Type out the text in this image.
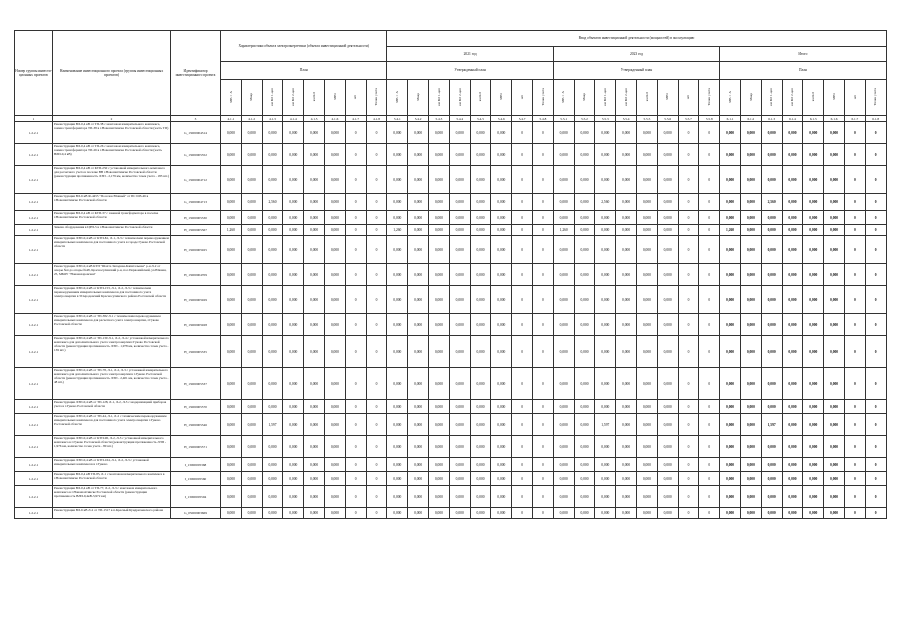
Номер группы инвести-ционных проектов	Наименование инвестиционного проекта (группы инвестиционных проектов)	Идентификатор инвестиционного проекта	Характеристики объекта электроэнергетики (объекта инвестиционной деятельности)								Ввод объектов инвестиционной деятельности (мощностей) в эксплуатацию																							
											2021 год								2023 год								Итого							
			План								Утвержденный план								Утвержденный план								План							
			МВ×А	Мвар	км ВЛ 1-цеп	км ВЛ 2-цеп	км КЛ	МВт	шт	Точки учета	МВ×А	Мвар	км ВЛ 1-цеп	км ВЛ 2-цеп	км КЛ	МВт	шт	Точки учета	МВ×А	Мвар	км ВЛ 1-цеп	км ВЛ 2-цеп	км КЛ	МВт	шт	Точки учета	МВ×А	Мвар	км ВЛ 1-цеп	км ВЛ 2-цеп	км КЛ	МВт	шт	Точки учета
1	2	3	4.1.1	4.1.2	4.1.3	4.1.4	4.1.5	4.1.6	4.1.7	4.1.8	5.4.1	5.4.2	5.4.3	5.4.4	5.4.5	5.4.6	5.4.7	5.4.8	5.5.1	5.5.2	5.5.3	5.5.4	5.5.5	5.5.6	5.5.7	5.5.8	6.1.1	6.1.2	6.1.3	6.1.4	6.1.5	6.1.6	6.1.7	6.1.8
1.2.2.1	Реконструкция ВЛ-0,4 кВ от ТП-38 с монтажом измерительного комплекса, замена трансформатора ТП-38 в г.Новошахтинске Ростовской области (часть ТП)	G_13000004314	0,000	0,000	0,000	0,000	0,000	0,000	0	0	0,000	0,000	0,000	0,000	0,000	0,000	0	0	0,000	0,000	0,000	0,000	0,000	0,000	0	0	0,000	0,000	0,000	0,000	0,000	0,000	0	0
1.2.2.1	Реконструкция ВЛ-0,4 кВ от ТП-26 с монтажом измерительного комплекса, замена трансформатора ТП-26 в г.Новошахтинске Ростовской области (часть ВЛИ-0,4 кВ)	G_13000005352	0,000	0,000	0,000	0,000	0,000	0,000	0	0	0,000	0,000	0,000	0,000	0,000	0,000	0	0	0,000	0,000	0,000	0,000	0,000	0,000	0	0	0,000	0,000	0,000	0,000	0,000	0,000	0	0
1.2.2.1	Реконструкция ВЛ-0,4 кВ от КТП-250 с установкой измерительного комплекса для расчетного учета в поселке ВВ г.Новошахтинске Ростовской области (реконструкция протяженность ЛЭП - 2,179 км, количество точек учета - 183 шт.)	G_13000004712	0,000	0,000	0,000	0,000	0,000	0,000	0	0	0,000	0,000	0,000	0,000	0,000	0,000	0	0	0,000	0,000	0,000	0,000	0,000	0,000	0	0	0,000	0,000	0,000	0,000	0,000	0,000	0	0
1.2.2.1	Реконструкция ВЛ-6 кВ Ф-4455 "Поселок Южный" от ПС ШЗ-46 в г.Новошахтинске Ростовской области	G_13000004713	0,000	0,000	2,560	0,000	0,000	0,000	0	0	0,000	0,000	0,000	0,000	0,000	0,000	0	0	0,000	0,000	2,560	0,000	0,000	0,000	0	0	0,000	0,000	2,560	0,000	0,000	0,000	0	0
1.2.2.1	Реконструкция ВЛ-0,4 кВ от КТП-37 с заменой трансформатора в поселке г.Новошахтинске Ростовской области	H_13000005330	0,000	0,000	0,000	0,000	0,000	0,000	0	0	0,000	0,000	0,000	0,000	0,000	0,000	0	0	0,000	0,000	0,000	0,000	0,000	0,000	0	0	0,000	0,000	0,000	0,000	0,000	0,000	0	0
1.2.2.1	Замена оборудования в ЦРП-5 в г.Новошахтинске Ростовской области	H_13000005367	1,260	0,000	0,000	0,000	0,000	0,000	0	0	1,260	0,000	0,000	0,000	0,000	0,000	0	0	1,260	0,000	0,000	0,000	0,000	0,000	0	0	1,260	0,000	0,000	0,000	0,000	0,000	0	0
1.2.2.1	Реконструкция ЛЭП-0,4 кВ от КТП-Б1, Л-1, Л-3 с техническим перевооружением измерительных комплексов для постоянного учета в городе Гуково Ростовской области	H_13000005925	0,000	0,000	0,000	0,000	0,000	0,000	0	0	0,000	0,000	0,000	0,000	0,000	0,000	0	0	0,000	0,000	0,000	0,000	0,000	0,000	0	0	0,000	0,000	0,000	0,000	0,000	0,000	0	0
1.2.2.1	Реконструкция ЛЭП-0,4 кВ КТП "Шахта Западная-Капитальная" р-н Л-2 от опоры №4 до опоры №48, Красносулинский р-н, пос.Первомайский, ул.Южная, 25, МБОУ "Новоназаровская"	H_13000004709	0,000	0,000	0,000	0,000	0,000	0,000	0	0	0,000	0,000	0,000	0,000	0,000	0,000	0	0	0,000	0,000	0,000	0,000	0,000	0,000	0	0	0,000	0,000	0,000	0,000	0,000	0,000	0	0
1.2.2.1	Реконструкция ЛЭП-0,4 кВ от КТП-153, Л-1, Л-2, Л-3 с техническим перевооружением измерительных комплексов для постоянного учета электроэнергии в Углеродовский Красносулинского района Ростовской области	H_13000005929	0,000	0,000	0,000	0,000	0,000	0,000	0	0	0,000	0,000	0,000	0,000	0,000	0,000	0	0	0,000	0,000	0,000	0,000	0,000	0,000	0	0	0,000	0,000	0,000	0,000	0,000	0,000	0	0
1.2.2.1	Реконструкция ЛЭП-0,4 кВ от ТП-382 Л-1 с техническим перевооружением измерительных комплексов для расчетного учета электроэнергии, г.Гуково Ростовской области	H_13000005928	0,000	0,000	0,000	0,000	0,000	0,000	0	0	0,000	0,000	0,000	0,000	0,000	0,000	0	0	0,000	0,000	0,000	0,000	0,000	0,000	0	0	0,000	0,000	0,000	0,000	0,000	0,000	0	0
1.2.2.1	Реконструкция ЛЭП-0,4 кВ от ТП-130 Л-1, Л-2, Л-4 с установкой измерительного комплекса для дополнительного учета электроэнергии г.Гуково Ростовской области (реконструкция протяженность ЛЭП - 1,978 км, количество точек учета - 139 шт.)	H_13000005335	0,000	0,000	0,000	0,000	0,000	0,000	0	0	0,000	0,000	0,000	0,000	0,000	0,000	0	0	0,000	0,000	0,000	0,000	0,000	0,000	0	0	0,000	0,000	0,000	0,000	0,000	0,000	0	0
1.2.2.1	Реконструкция ЛЭП-0,4 кВ от ТП-78, Л-1, Л-2, Л-3 с установкой измерительного комплекса для дополнительного учета электроэнергии в г.Гуково Ростовской области (реконструкция протяженность ЛЭП - 2,401 км, количество точек учета - 48 шт.)	H_13000005337	0,000	0,000	0,000	0,000	0,000	0,000	0	0	0,000	0,000	0,000	0,000	0,000	0,000	0	0	0,000	0,000	0,000	0,000	0,000	0,000	0	0	0,000	0,000	0,000	0,000	0,000	0,000	0	0
1.2.2.1	Реконструкция ЛЭП-0,4 кВ от ТП-128, Л-1, Л-2, Л-3 с модернизацией приборов учета в г.Гуково Ростовской области	H_13000005570	0,000	0,000	0,000	0,000	0,000	0,000	0	0	0,000	0,000	0,000	0,000	0,000	0,000	0	0	0,000	0,000	0,000	0,000	0,000	0,000	0	0	0,000	0,000	0,000	0,000	0,000	0,000	0	0
1.2.2.1	Реконструкция ЛЭП-0,4 кВ от ТП-44, Л-1, Л-2 с техническим перевооружением измерительных комплексов для постоянного учета электроэнергии г.Гуково Ростовской области	H_13000005346	0,000	0,000	1,597	0,000	0,000	0,000	0	0	0,000	0,000	0,000	0,000	0,000	0,000	0	0	0,000	0,000	1,597	0,000	0,000	0,000	0	0	0,000	0,000	1,597	0,000	0,000	0,000	0	0
1.2.2.1	Реконструкция ЛЭП-0,4 кВ от КТП-90, Л-2, Л-3 с установкой измерительного комплекса в г.Гуково Ростовской области (реконструкция протяженность ЛЭП - 1,976 км, количество точек учета - 80 шт.)	H_13000005571	0,000	0,000	0,000	0,000	0,000	0,000	0	0	0,000	0,000	0,000	0,000	0,000	0,000	0	0	0,000	0,000	0,000	0,000	0,000	0,000	0	0	0,000	0,000	0,000	0,000	0,000	0,000	0	0
1.2.2.1	Реконструкция ЛЭП-0,4 кВ от КТП-164, Л-1, Л-2, Л-3 с установкой измерительных комплексов в г.Гуково	I_13000005368	0,000	0,000	0,000	0,000	0,000	0,000	0	0	0,000	0,000	0,000	0,000	0,000	0,000	0	0	0,000	0,000	0,000	0,000	0,000	0,000	0	0	0,000	0,000	0,000	0,000	0,000	0,000	0	0
1.2.2.1	Реконструкция ВЛ-0,4 кВ ТП-85, Л-1 с монтажом измерительного комплекса в г.Новошахтинске Ростовской области	I_13000005560	0,000	0,000	0,000	0,000	0,000	0,000	0	0	0,000	0,000	0,000	0,000	0,000	0,000	0	0	0,000	0,000	0,000	0,000	0,000	0,000	0	0	0,000	0,000	0,000	0,000	0,000	0,000	0	0
1.2.2.1	Реконструкция ВЛ-0,4 кВ от ТП-77, Л-2, Л-3 с монтажом измерительного комплекса в г.Новошахтинске Ростовской области (реконструкция протяженность ВЛИ-0,4кВ-3,972 км)	I_13000005594	0,000	0,000	0,000	0,000	0,000	0,000	0	0	0,000	0,000	0,000	0,000	0,000	0,000	0	0	0,000	0,000	0,000	0,000	0,000	0,000	0	0	0,000	0,000	0,000	0,000	0,000	0,000	0	0
1.2.2.1	Реконструкция ВЛ-6 кВ Л-2 от ТП-1517 в п.Красный Кундрюченского района	G_05000003669	0,000	0,000	0,000	0,000	0,000	0,000	0	0	0,000	0,000	0,000	0,000	0,000	0,000	0	0	0,000	0,000	0,000	0,000	0,000	0,000	0	0	0,000	0,000	0,000	0,000	0,000	0,000	0	0
